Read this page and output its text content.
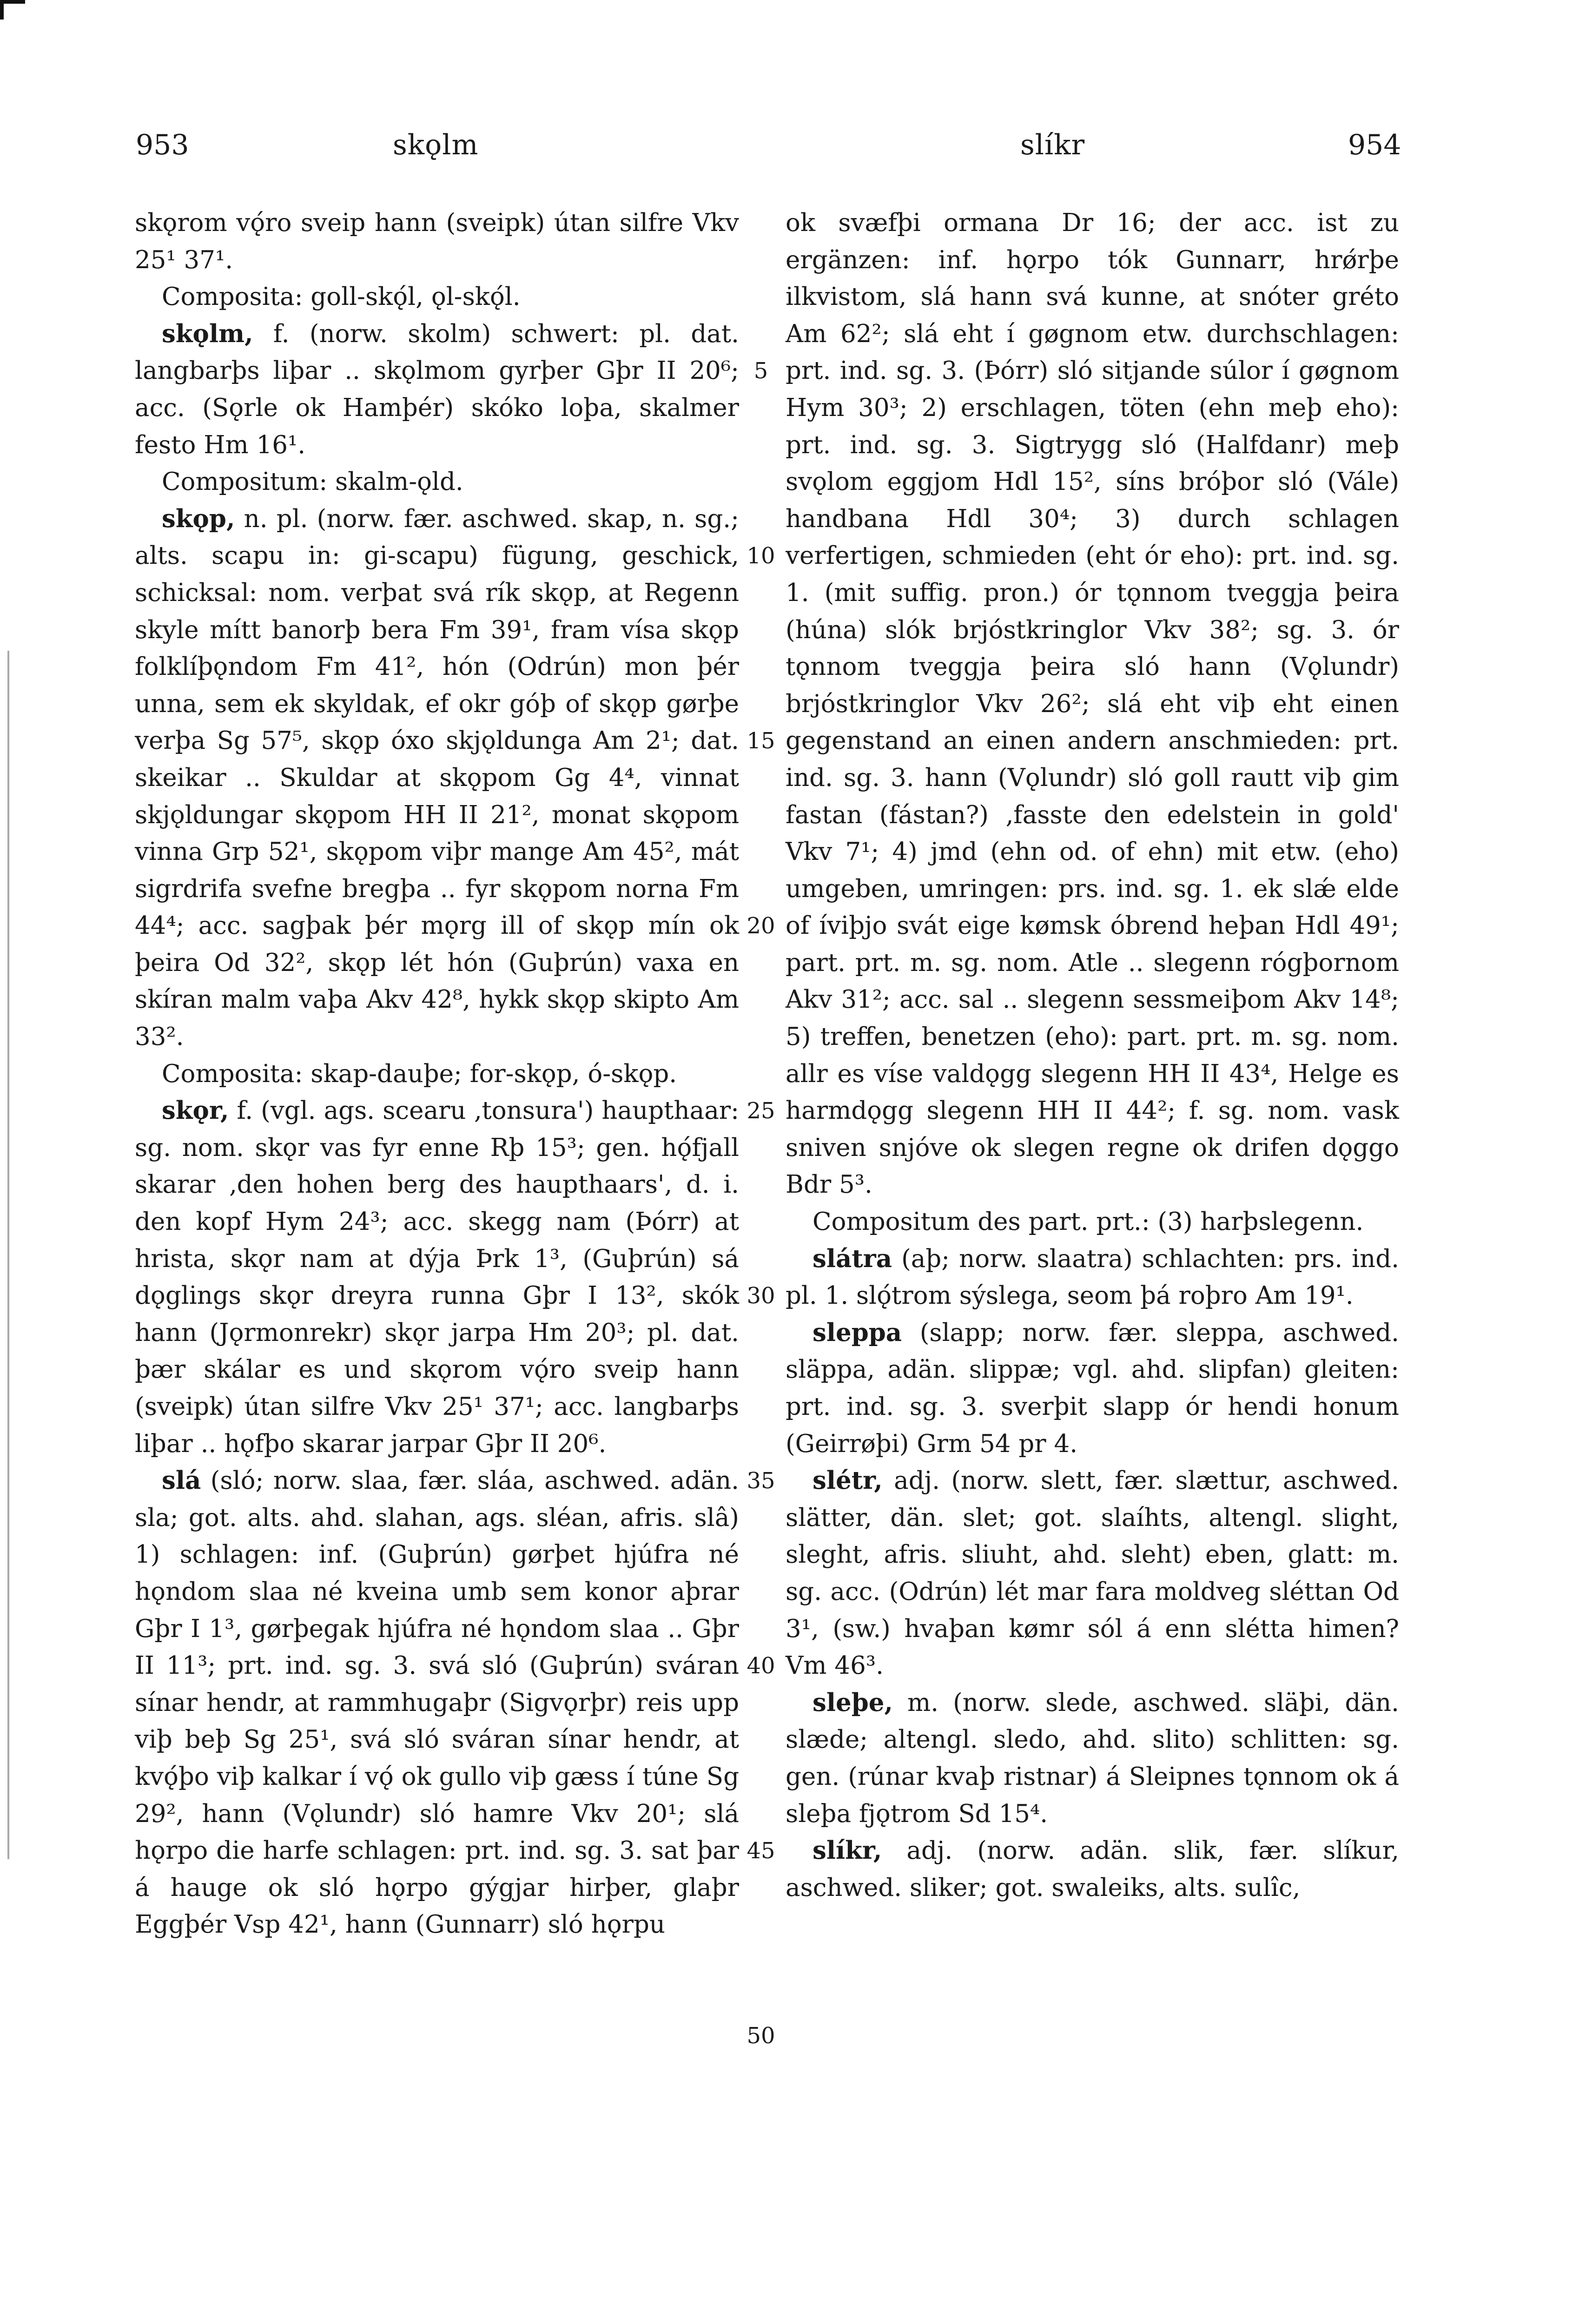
953	skǫlm	slíkr	954

skǫrom vǫ́ro sveip hann (sveipk) útan silfre Vkv 25¹ 37¹.

Composita: goll-skǫ́l, ǫl-skǫ́l.

skǫlm, f. (norw. skolm) schwert: pl. dat. langbarþs liþar .. skǫlmom gyrþer Gþr II 20⁶; acc. (Sǫrle ok Hamþér) skóko loþa, skalmer festo Hm 16¹.

Compositum: skalm-ǫld.

skǫp, n. pl. (norw. fær. aschwed. skap, n. sg.; alts. scapu in: gi-scapu) fügung, geschick, schicksal: nom. verþat svá rík skǫp, at Regenn skyle mítt banorþ bera Fm 39¹, fram vísa skǫp folklíþǫndom Fm 41², hón (Odrún) mon þér unna, sem ek skyldak, ef okr góþ of skǫp gørþe verþa Sg 57⁵, skǫp óxo skjǫldunga Am 2¹; dat. skeikar .. Skuldar at skǫpom Gg 4⁴, vinnat skjǫldungar skǫpom HH II 21², monat skǫpom vinna Grp 52¹, skǫpom viþr mange Am 45², mát sigrdrifa svefne bregþa .. fyr skǫpom norna Fm 44⁴; acc. sagþak þér mǫrg ill of skǫp mín ok þeira Od 32², skǫp lét hón (Guþrún) vaxa en skíran malm vaþa Akv 42⁸, hykk skǫp skipto Am 33².

Composita: skap-dauþe; for-skǫp, ó-skǫp.

skǫr, f. (vgl. ags. scearu ‚tonsura') haupthaar: sg. nom. skǫr vas fyr enne Rþ 15³; gen. hǫ́fjall skarar ‚den hohen berg des haupthaars', d. i. den kopf Hym 24³; acc. skegg nam (Þórr) at hrista, skǫr nam at dýja Þrk 1³, (Guþrún) sá dǫglings skǫr dreyra runna Gþr I 13², skók hann (Jǫrmonrekr) skǫr jarpa Hm 20³; pl. dat. þær skálar es und skǫrom vǫ́ro sveip hann (sveipk) útan silfre Vkv 25¹ 37¹; acc. langbarþs liþar .. hǫfþo skarar jarpar Gþr II 20⁶.

slá (sló; norw. slaa, fær. sláa, aschwed. adän. sla; got. alts. ahd. slahan, ags. sléan, afris. slâ) 1) schlagen: inf. (Guþrún) gørþet hjúfra né hǫndom slaa né kveina umb sem konor aþrar Gþr I 1³, gørþegak hjúfra né hǫndom slaa .. Gþr II 11³; prt. ind. sg. 3. svá sló (Guþrún) sváran sínar hendr, at rammhugaþr (Sigvǫrþr) reis upp viþ beþ Sg 25¹, svá sló sváran sínar hendr, at kvǫ́þo viþ kalkar í vǫ́ ok gullo viþ gæss í túne Sg 29², hann (Vǫlundr) sló hamre Vkv 20¹; slá hǫrpo die harfe schlagen: prt. ind. sg. 3. sat þar á hauge ok sló hǫrpo gýgjar hirþer, glaþr Eggþér Vsp 42¹, hann (Gunnarr) sló hǫrpu

ok svæfþi ormana Dr 16; der acc. ist zu ergänzen: inf. hǫrpo tók Gunnarr, hrǿrþe ilkvistom, slá hann svá kunne, at snóter gréto Am 62²; slá eht í gøgnom etw. durchschlagen: prt. ind. sg. 3. (Þórr) sló sitjande súlor í gøgnom Hym 30³; 2) erschlagen, töten (ehn meþ eho): prt. ind. sg. 3. Sigtrygg sló (Halfdanr) meþ svǫlom eggjom Hdl 15², síns bróþor sló (Vále) handbana Hdl 30⁴; 3) durch schlagen verfertigen, schmieden (eht ór eho): prt. ind. sg. 1. (mit suffig. pron.) ór tǫnnom tveggja þeira (húna) slók brjóstkringlor Vkv 38²; sg. 3. ór tǫnnom tveggja þeira sló hann (Vǫlundr) brjóstkringlor Vkv 26²; slá eht viþ eht einen gegenstand an einen andern anschmieden: prt. ind. sg. 3. hann (Vǫlundr) sló goll rautt viþ gim fastan (fástan?) ‚fasste den edelstein in gold' Vkv 7¹; 4) jmd (ehn od. of ehn) mit etw. (eho) umgeben, umringen: prs. ind. sg. 1. ek slǽ elde of íviþjo svát eige kømsk óbrend heþan Hdl 49¹; part. prt. m. sg. nom. Atle .. slegenn rógþornom Akv 31²; acc. sal .. slegenn sessmeiþom Akv 14⁸; 5) treffen, benetzen (eho): part. prt. m. sg. nom. allr es víse valdǫgg slegenn HH II 43⁴, Helge es harmdǫgg slegenn HH II 44²; f. sg. nom. vask sniven snjóve ok slegen regne ok drifen dǫggo Bdr 5³.

Compositum des part. prt.: (3) harþslegenn.

slátra (aþ; norw. slaatra) schlachten: prs. ind. pl. 1. slǫ́trom sýslega, seom þá roþro Am 19¹.

sleppa (slapp; norw. fær. sleppa, aschwed. släppa, adän. slippæ; vgl. ahd. slipfan) gleiten: prt. ind. sg. 3. sverþit slapp ór hendi honum (Geirrøþi) Grm 54 pr 4.

slétr, adj. (norw. slett, fær. slættur, aschwed. slätter, dän. slet; got. slaíhts, altengl. slight, sleght, afris. sliuht, ahd. sleht) eben, glatt: m. sg. acc. (Odrún) lét mar fara moldveg sléttan Od 3¹, (sw.) hvaþan kømr sól á enn slétta himen? Vm 46³.

sleþe, m. (norw. slede, aschwed. släþi, dän. slæde; altengl. sledo, ahd. slito) schlitten: sg. gen. (rúnar kvaþ ristnar) á Sleipnes tǫnnom ok á sleþa fjǫtrom Sd 15⁴.

slíkr, adj. (norw. adän. slik, fær. slíkur, aschwed. sliker; got. swaleiks, alts. sulîc,

5
10
15
20
25
30
35
40
45
50
